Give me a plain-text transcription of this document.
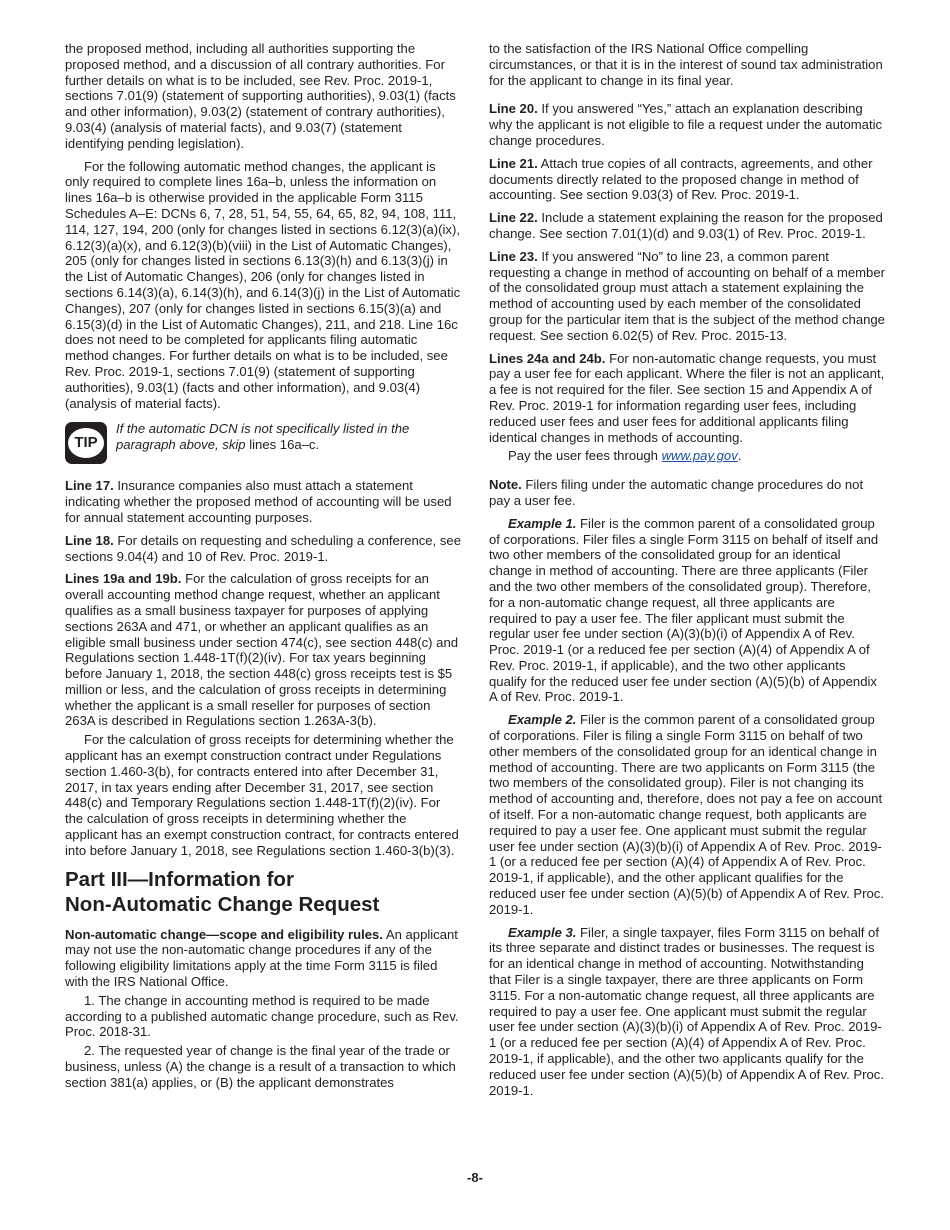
the proposed method, including all authorities supporting the proposed method, and a discussion of all contrary authorities. For further details on what is to be included, see Rev. Proc. 2019-1, sections 7.01(9) (statement of supporting authorities), 9.03(1) (facts and other information), 9.03(2) (statement of contrary authorities), 9.03(4) (analysis of material facts), and 9.03(7) (statement identifying pending legislation).

For the following automatic method changes, the applicant is only required to complete lines 16a–b, unless the information on lines 16a–b is otherwise provided in the applicable Form 3115 Schedules A–E: DCNs 6, 7, 28, 51, 54, 55, 64, 65, 82, 94, 108, 111, 114, 127, 194, 200 (only for changes listed in sections 6.12(3)(a)(ix), 6.12(3)(a)(x), and 6.12(3)(b)(viii) in the List of Automatic Changes), 205 (only for changes listed in sections 6.13(3)(h) and 6.13(3)(j) in the List of Automatic Changes), 206 (only for changes listed in sections 6.14(3)(a), 6.14(3)(h), and 6.14(3)(j) in the List of Automatic Changes), 207 (only for changes listed in sections 6.15(3)(a) and 6.15(3)(d) in the List of Automatic Changes), 211, and 218. Line 16c does not need to be completed for applicants filing automatic method changes. For further details on what is to be included, see Rev. Proc. 2019-1, sections 7.01(9) (statement of supporting authorities), 9.03(1) (facts and other information), and 9.03(4) (analysis of material facts).

TIP
If the automatic DCN is not specifically listed in the paragraph above, skip lines 16a–c.

Line 17. Insurance companies also must attach a statement indicating whether the proposed method of accounting will be used for annual statement accounting purposes.

Line 18. For details on requesting and scheduling a conference, see sections 9.04(4) and 10 of Rev. Proc. 2019-1.

Lines 19a and 19b. For the calculation of gross receipts for an overall accounting method change request, whether an applicant qualifies as a small business taxpayer for purposes of applying sections 263A and 471, or whether an applicant qualifies as an eligible small business under section 474(c), see section 448(c) and Regulations section 1.448-1T(f)(2)(iv). For tax years beginning before January 1, 2018, the section 448(c) gross receipts test is $5 million or less, and the calculation of gross receipts in determining whether the applicant is a small reseller for purposes of section 263A is described in Regulations section 1.263A-3(b).

For the calculation of gross receipts for determining whether the applicant has an exempt construction contract under Regulations section 1.460-3(b), for contracts entered into after December 31, 2017, in tax years ending after December 31, 2017, see section 448(c) and Temporary Regulations section 1.448-1T(f)(2)(iv). For the calculation of gross receipts in determining whether the applicant has an exempt construction contract, for contracts entered into before January 1, 2018, see Regulations section 1.460-3(b)(3).

Part III—Information for
Non-Automatic Change Request

Non-automatic change—scope and eligibility rules. An applicant may not use the non-automatic change procedures if any of the following eligibility limitations apply at the time Form 3115 is filed with the IRS National Office.

1. The change in accounting method is required to be made according to a published automatic change procedure, such as Rev. Proc. 2018-31.

2. The requested year of change is the final year of the trade or business, unless (A) the change is a result of a transaction to which section 381(a) applies, or (B) the applicant demonstrates

to the satisfaction of the IRS National Office compelling circumstances, or that it is in the interest of sound tax administration for the applicant to change in its final year.

Line 20. If you answered “Yes,” attach an explanation describing why the applicant is not eligible to file a request under the automatic change procedures.

Line 21. Attach true copies of all contracts, agreements, and other documents directly related to the proposed change in method of accounting. See section 9.03(3) of Rev. Proc. 2019-1.

Line 22. Include a statement explaining the reason for the proposed change. See section 7.01(1)(d) and 9.03(1) of Rev. Proc. 2019-1.

Line 23. If you answered “No” to line 23, a common parent requesting a change in method of accounting on behalf of a member of the consolidated group must attach a statement explaining the method of accounting used by each member of the consolidated group for the particular item that is the subject of the method change request. See section 6.02(5) of Rev. Proc. 2015-13.

Lines 24a and 24b. For non-automatic change requests, you must pay a user fee for each applicant. Where the filer is not an applicant, a fee is not required for the filer. See section 15 and Appendix A of Rev. Proc. 2019-1 for information regarding user fees, including reduced user fees and user fees for additional applicants filing identical changes in methods of accounting.

Pay the user fees through www.pay.gov.

Note. Filers filing under the automatic change procedures do not pay a user fee.

Example 1. Filer is the common parent of a consolidated group of corporations. Filer files a single Form 3115 on behalf of itself and two other members of the consolidated group for an identical change in method of accounting. There are three applicants (Filer and the two other members of the consolidated group). Therefore, for a non-automatic change request, all three applicants are required to pay a user fee. The filer applicant must submit the regular user fee under section (A)(3)(b)(i) of Appendix A of Rev. Proc. 2019-1 (or a reduced fee per section (A)(4) of Appendix A of Rev. Proc. 2019-1, if applicable), and the two other applicants qualify for the reduced user fee under section (A)(5)(b) of Appendix A of Rev. Proc. 2019-1.

Example 2. Filer is the common parent of a consolidated group of corporations. Filer is filing a single Form 3115 on behalf of two other members of the consolidated group for an identical change in method of accounting. There are two applicants on Form 3115 (the two members of the consolidated group). Filer is not changing its method of accounting and, therefore, does not pay a fee on account of itself. For a non-automatic change request, both applicants are required to pay a user fee. One applicant must submit the regular user fee under section (A)(3)(b)(i) of Appendix A of Rev. Proc. 2019-1 (or a reduced fee per section (A)(4) of Appendix A of Rev. Proc. 2019-1, if applicable), and the other applicant qualifies for the reduced user fee under section (A)(5)(b) of Appendix A of Rev. Proc. 2019-1.

Example 3. Filer, a single taxpayer, files Form 3115 on behalf of its three separate and distinct trades or businesses. The request is for an identical change in method of accounting. Notwithstanding that Filer is a single taxpayer, there are three applicants on Form 3115. For a non-automatic change request, all three applicants are required to pay a user fee. One applicant must submit the regular user fee under section (A)(3)(b)(i) of Appendix A of Rev. Proc. 2019-1 (or a reduced fee per section (A)(4) of Appendix A of Rev. Proc. 2019-1, if applicable), and the other two applicants qualify for the reduced user fee under section (A)(5)(b) of Appendix A of Rev. Proc. 2019-1.

-8-
